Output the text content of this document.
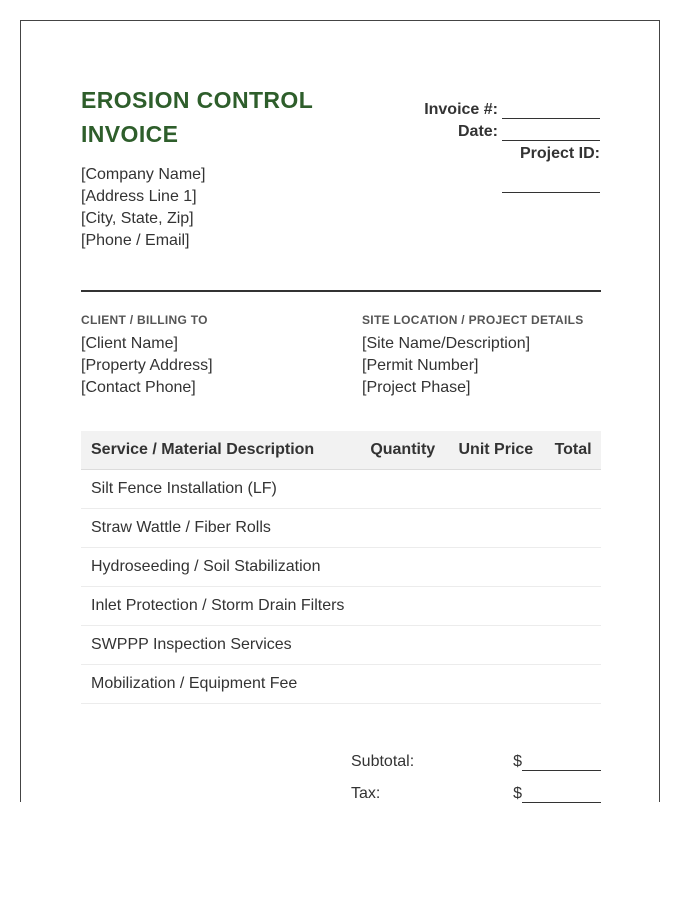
EROSION CONTROL
INVOICE
[Company Name]
[Address Line 1]
[City, State, Zip]
[Phone / Email]
Invoice #:
Date:
Project ID:
CLIENT / BILLING TO
[Client Name]
[Property Address]
[Contact Phone]
SITE LOCATION / PROJECT DETAILS
[Site Name/Description]
[Permit Number]
[Project Phase]
Service / Material Description	Quantity	Unit Price	Total
Silt Fence Installation (LF)			
Straw Wattle / Fiber Rolls			
Hydroseeding / Soil Stabilization			
Inlet Protection / Storm Drain Filters			
SWPPP Inspection Services			
Mobilization / Equipment Fee			
Subtotal:	$
Tax:	$
